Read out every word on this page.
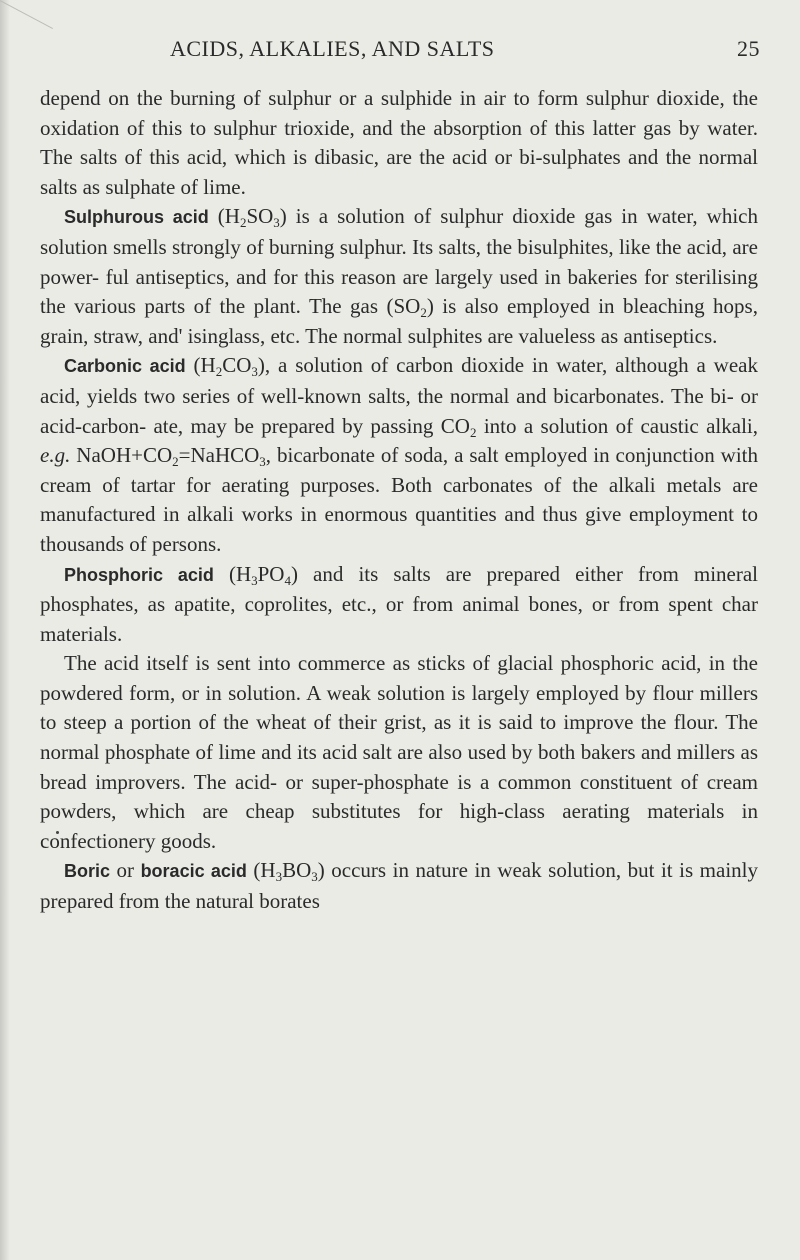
ACIDS, ALKALIES, AND SALTS	25

depend on the burning of sulphur or a sulphide in air to form sulphur dioxide, the oxidation of this to sulphur trioxide, and the absorption of this latter gas by water. The salts of this acid, which is dibasic, are the acid or bi-sulphates and the normal salts as sulphate of lime.

Sulphurous acid $(H_2SO_3)$ is a solution of sulphur dioxide gas in water, which solution smells strongly of burning sulphur. Its salts, the bisulphites, like the acid, are power- ful antiseptics, and for this reason are largely used in bakeries for sterilising the various parts of the plant. The gas $(SO_2)$ is also employed in bleaching hops, grain, straw, and' isinglass, etc. The normal sulphites are valueless as antiseptics.

Carbonic acid $(H_2CO_3)$, a solution of carbon dioxide in water, although a weak acid, yields two series of well-known salts, the normal and bicarbonates. The bi- or acid-carbon- ate, may be prepared by passing $CO_2$ into a solution of caustic alkali, e.g. $NaOH+CO_2=NaHCO_3$, bicarbonate of soda, a salt employed in conjunction with cream of tartar for aerating purposes. Both carbonates of the alkali metals are manufactured in alkali works in enormous quantities and thus give employment to thousands of persons.

Phosphoric acid $(H_3PO_4)$ and its salts are prepared either from mineral phosphates, as apatite, coprolites, etc., or from animal bones, or from spent char materials.

The acid itself is sent into commerce as sticks of glacial phosphoric acid, in the powdered form, or in solution. A weak solution is largely employed by flour millers to steep a portion of the wheat of their grist, as it is said to improve the flour. The normal phosphate of lime and its acid salt are also used by both bakers and millers as bread improvers. The acid- or super-phosphate is a common constituent of cream powders, which are cheap substitutes for high-class aerating materials in confectionery goods.

Boric or boracic acid $(H_3BO_3)$ occurs in nature in weak solution, but it is mainly prepared from the natural borates
